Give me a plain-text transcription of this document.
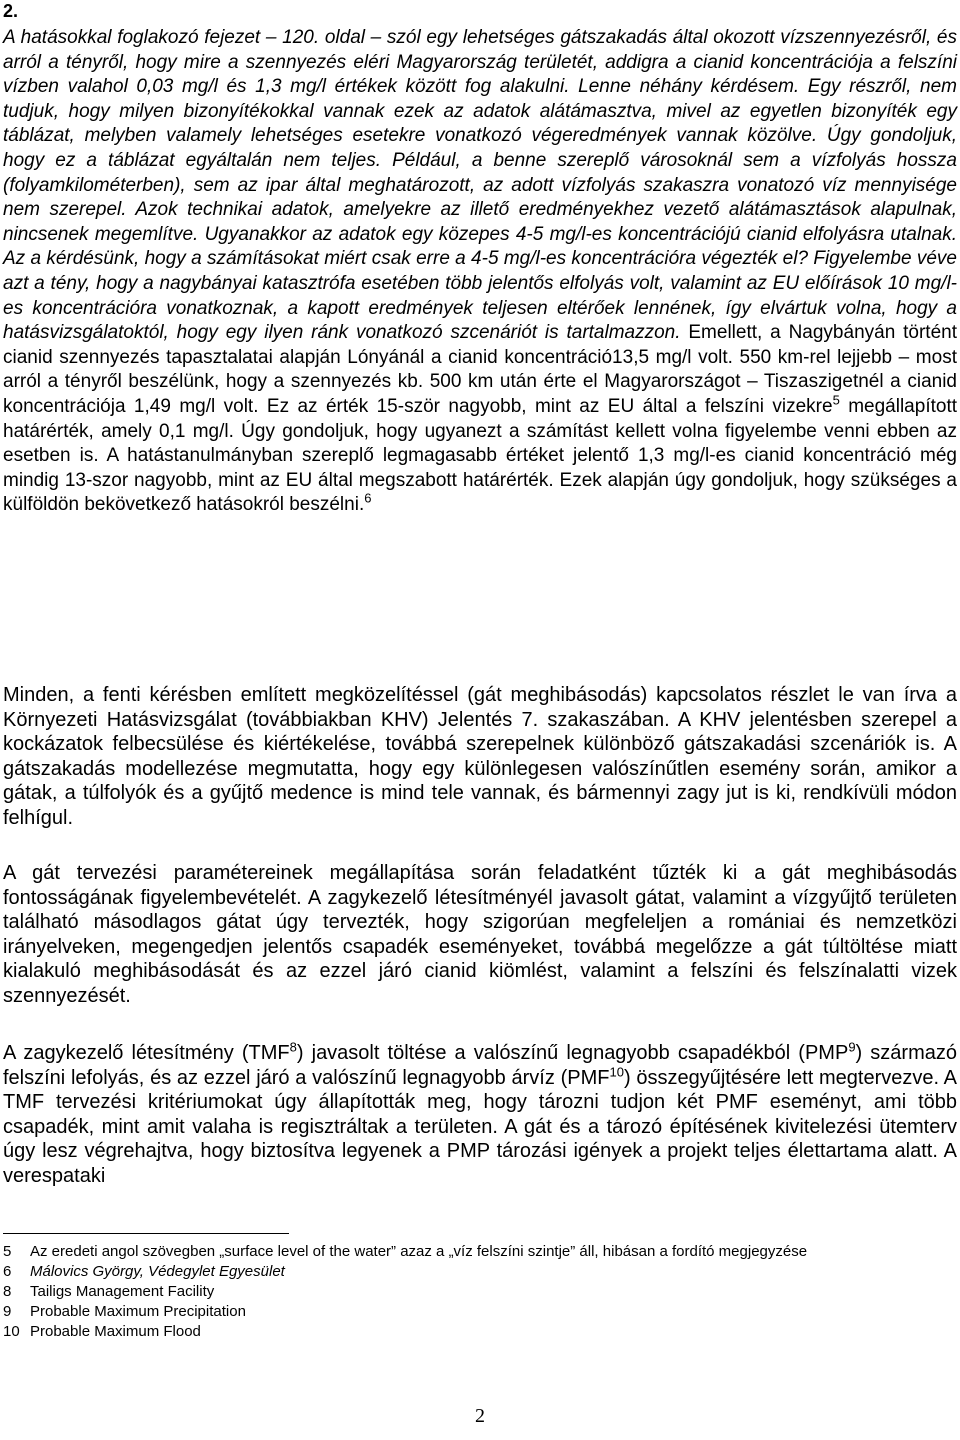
2.

A hatásokkal foglakozó fejezet – 120. oldal – szól egy lehetséges gátszakadás által okozott vízszennyezésről, és arról a tényről, hogy mire a szennyezés eléri Magyarország területét, addigra a cianid koncentrációja a felszíni vízben valahol 0,03 mg/l és 1,3 mg/l értékek között fog alakulni. Lenne néhány kérdésem. Egy részről, nem tudjuk, hogy milyen bizonyítékokkal vannak ezek az adatok alátámasztva, mivel az egyetlen bizonyíték egy táblázat, melyben valamely lehetséges esetekre vonatkozó végeredmények vannak közölve. Úgy gondoljuk, hogy ez a táblázat egyáltalán nem teljes. Például, a benne szereplő városoknál sem a vízfolyás hossza (folyamkilométerben), sem az ipar által meghatározott, az adott vízfolyás szakaszra vonatozó víz mennyisége nem szerepel. Azok technikai adatok, amelyekre az illető eredményekhez vezető alátámasztások alapulnak, nincsenek megemlítve. Ugyanakkor az adatok egy közepes 4-5 mg/l-es koncentrációjú cianid elfolyásra utalnak. Az a kérdésünk, hogy a számításokat miért csak erre a 4-5 mg/l-es koncentrációra végezték el? Figyelembe véve azt a tény, hogy a nagybányai katasztrófa esetében több jelentős elfolyás volt, valamint az EU előírások 10 mg/l-es koncentrációra vonatkoznak, a kapott eredmények teljesen eltérőek lennének, így elvártuk volna, hogy a hatásvizsgálatoktól, hogy egy ilyen ránk vonatkozó szcenáriót is tartalmazzon. Emellett, a Nagybányán történt cianid szennyezés tapasztalatai alapján Lónyánál a cianid koncentráció13,5 mg/l volt. 550 km-rel lejjebb – most arról a tényről beszélünk, hogy a szennyezés kb. 500 km után érte el Magyarországot – Tiszaszigetnél a cianid koncentrációja 1,49 mg/l volt. Ez az érték 15-ször nagyobb, mint az EU által a felszíni vizekre$^5$ megállapított határérték, amely 0,1 mg/l. Úgy gondoljuk, hogy ugyanezt a számítást kellett volna figyelembe venni ebben az esetben is. A hatástanulmányban szereplő legmagasabb értéket jelentő 1,3 mg/l-es cianid koncentráció még mindig 13-szor nagyobb, mint az EU által megszabott határérték. Ezek alapján úgy gondoljuk, hogy szükséges a külföldön bekövetkező hatásokról beszélni.$^6$

Minden, a fenti kérésben említett megközelítéssel (gát meghibásodás) kapcsolatos részlet le van írva a Környezeti Hatásvizsgálat (továbbiakban KHV) Jelentés 7. szakaszában. A KHV jelentésben szerepel a kockázatok felbecsülése és kiértékelése, továbbá szerepelnek különböző gátszakadási szcenáriók is. A gátszakadás modellezése megmutatta, hogy egy különlegesen valószínűtlen esemény során, amikor a gátak, a túlfolyók és a gyűjtő medence is mind tele vannak, és bármennyi zagy jut is ki, rendkívüli módon felhígul.

A gát tervezési paramétereinek megállapítása során feladatként tűzték ki a gát meghibásodás fontosságának figyelembevételét. A zagykezelő létesítményél javasolt gátat, valamint a vízgyűjtő területen található másodlagos gátat úgy tervezték, hogy szigorúan megfeleljen a romániai és nemzetközi irányelveken, megengedjen jelentős csapadék eseményeket, továbbá megelőzze a gát túltöltése miatt kialakuló meghibásodását és az ezzel járó cianid kiömlést, valamint a felszíni és felszínalatti vizek szennyezését.

A zagykezelő létesítmény (TMF$^8$) javasolt töltése a valószínű legnagyobb csapadékból (PMP$^9$) származó felszíni lefolyás, és az ezzel járó a valószínű legnagyobb árvíz (PMF$^{10}$) összegyűjtésére lett megtervezve. A TMF tervezési kritériumokat úgy állapították meg, hogy tározni tudjon két PMF eseményt, ami több csapadék, mint amit valaha is regisztráltak a területen. A gát és a tározó építésének kivitelezési ütemterv úgy lesz végrehajtva, hogy biztosítva legyenek a PMP tározási igények a projekt teljes élettartama alatt. A verespataki

5	Az eredeti angol szövegben „surface level of the water” azaz a „víz felszíni szintje” áll, hibásan a fordító megjegyzése
6	Málovics György, Védegylet Egyesület
8	Tailigs Management Facility
9	Probable Maximum Precipitation
10 Probable Maximum Flood
2
